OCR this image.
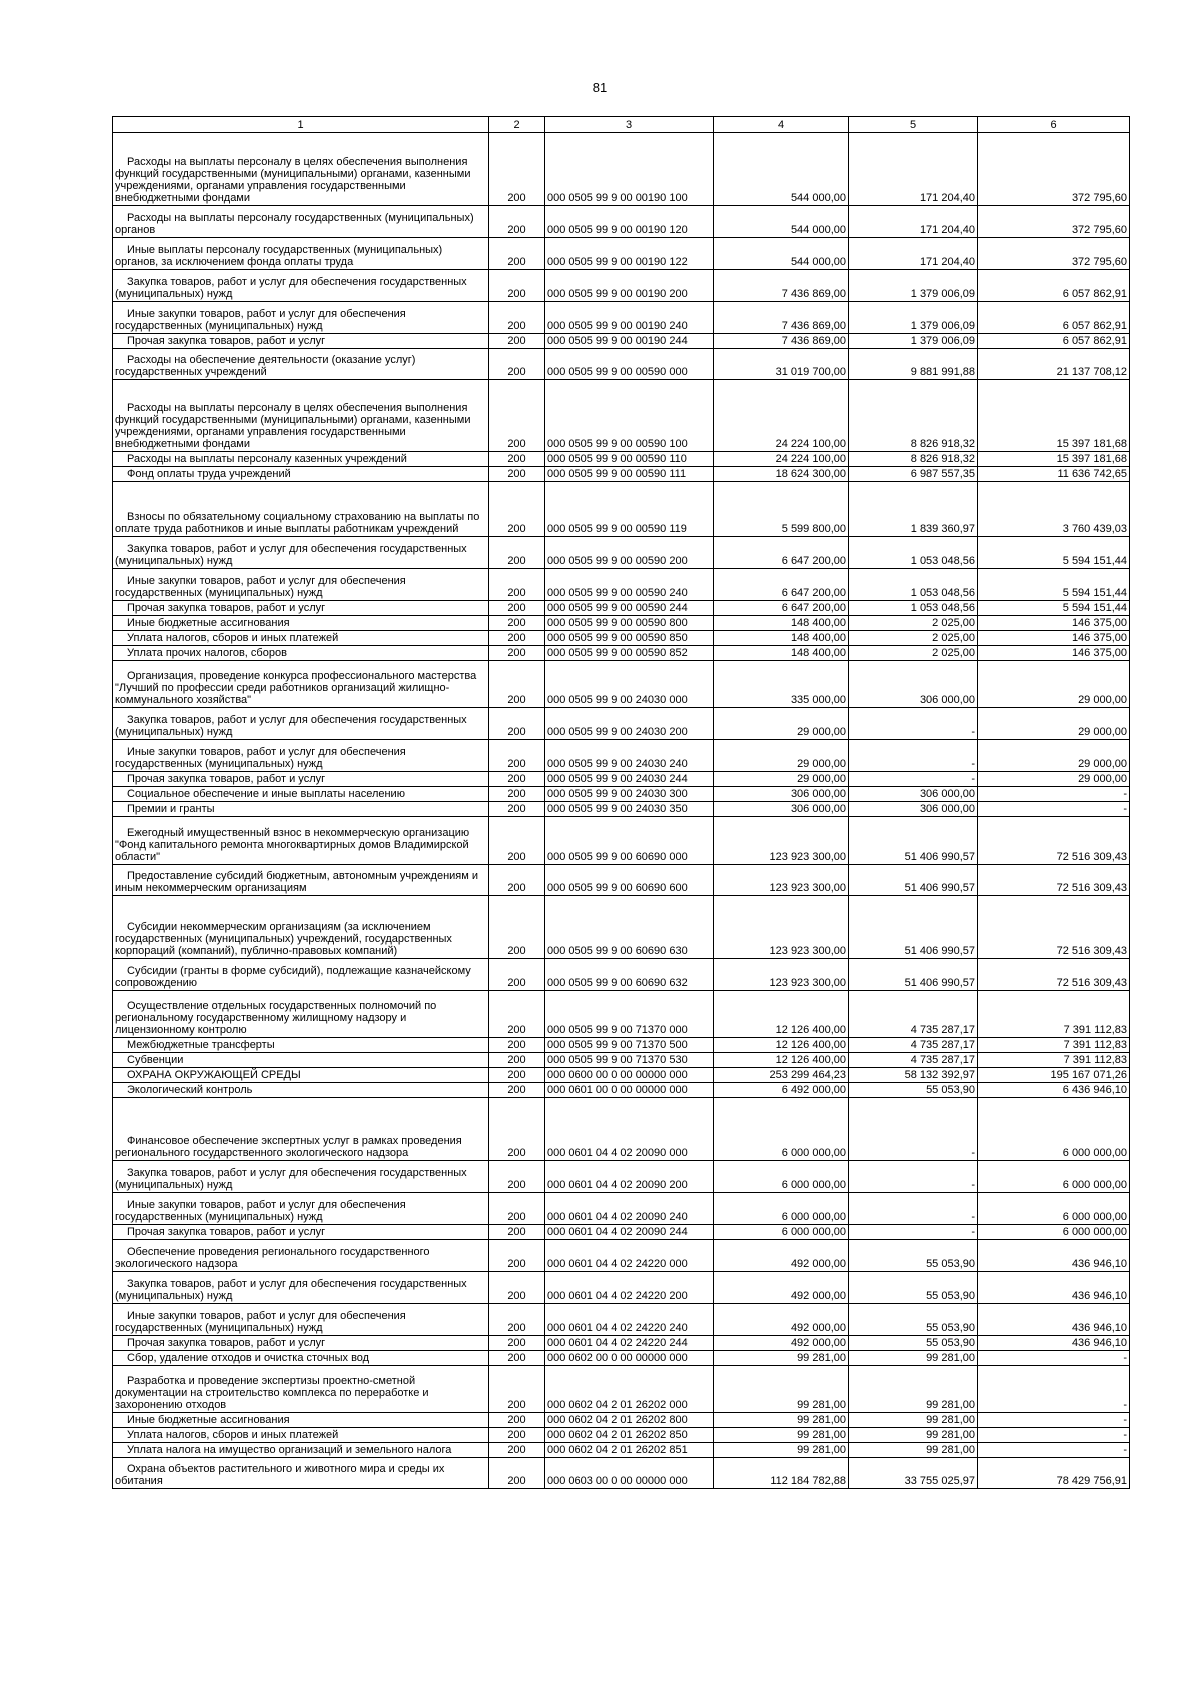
81
1	2	3	4	5	6
Расходы на выплаты персоналу в целях обеспечения выполнения функций государственными (муниципальными) органами, казенными учреждениями, органами управления государственными внебюджетными фондами	200	000 0505 99 9 00 00190 100	544 000,00	171 204,40	372 795,60
Расходы на выплаты персоналу государственных (муниципальных) органов	200	000 0505 99 9 00 00190 120	544 000,00	171 204,40	372 795,60
Иные выплаты персоналу государственных (муниципальных) органов, за исключением фонда оплаты труда	200	000 0505 99 9 00 00190 122	544 000,00	171 204,40	372 795,60
Закупка товаров, работ и услуг для обеспечения государственных (муниципальных) нужд	200	000 0505 99 9 00 00190 200	7 436 869,00	1 379 006,09	6 057 862,91
Иные закупки товаров, работ и услуг для обеспечения государственных (муниципальных) нужд	200	000 0505 99 9 00 00190 240	7 436 869,00	1 379 006,09	6 057 862,91
Прочая закупка товаров, работ и услуг	200	000 0505 99 9 00 00190 244	7 436 869,00	1 379 006,09	6 057 862,91
Расходы на обеспечение деятельности (оказание услуг) государственных учреждений	200	000 0505 99 9 00 00590 000	31 019 700,00	9 881 991,88	21 137 708,12
Расходы на выплаты персоналу в целях обеспечения выполнения функций государственными (муниципальными) органами, казенными учреждениями, органами управления государственными внебюджетными фондами	200	000 0505 99 9 00 00590 100	24 224 100,00	8 826 918,32	15 397 181,68
Расходы на выплаты персоналу казенных учреждений	200	000 0505 99 9 00 00590 110	24 224 100,00	8 826 918,32	15 397 181,68
Фонд оплаты труда учреждений	200	000 0505 99 9 00 00590 111	18 624 300,00	6 987 557,35	11 636 742,65
Взносы по обязательному социальному страхованию на выплаты по оплате труда работников и иные выплаты работникам учреждений	200	000 0505 99 9 00 00590 119	5 599 800,00	1 839 360,97	3 760 439,03
Закупка товаров, работ и услуг для обеспечения государственных (муниципальных) нужд	200	000 0505 99 9 00 00590 200	6 647 200,00	1 053 048,56	5 594 151,44
Иные закупки товаров, работ и услуг для обеспечения государственных (муниципальных) нужд	200	000 0505 99 9 00 00590 240	6 647 200,00	1 053 048,56	5 594 151,44
Прочая закупка товаров, работ и услуг	200	000 0505 99 9 00 00590 244	6 647 200,00	1 053 048,56	5 594 151,44
Иные бюджетные ассигнования	200	000 0505 99 9 00 00590 800	148 400,00	2 025,00	146 375,00
Уплата налогов, сборов и иных платежей	200	000 0505 99 9 00 00590 850	148 400,00	2 025,00	146 375,00
Уплата прочих налогов, сборов	200	000 0505 99 9 00 00590 852	148 400,00	2 025,00	146 375,00
Организация, проведение конкурса профессионального мастерства "Лучший по профессии среди работников организаций жилищно-коммунального хозяйства"	200	000 0505 99 9 00 24030 000	335 000,00	306 000,00	29 000,00
Закупка товаров, работ и услуг для обеспечения государственных (муниципальных) нужд	200	000 0505 99 9 00 24030 200	29 000,00	-	29 000,00
Иные закупки товаров, работ и услуг для обеспечения государственных (муниципальных) нужд	200	000 0505 99 9 00 24030 240	29 000,00	-	29 000,00
Прочая закупка товаров, работ и услуг	200	000 0505 99 9 00 24030 244	29 000,00	-	29 000,00
Социальное обеспечение и иные выплаты населению	200	000 0505 99 9 00 24030 300	306 000,00	306 000,00	-
Премии и гранты	200	000 0505 99 9 00 24030 350	306 000,00	306 000,00	-
Ежегодный имущественный взнос в некоммерческую организацию "Фонд капитального ремонта многоквартирных домов Владимирской области"	200	000 0505 99 9 00 60690 000	123 923 300,00	51 406 990,57	72 516 309,43
Предоставление субсидий бюджетным, автономным учреждениям и иным некоммерческим организациям	200	000 0505 99 9 00 60690 600	123 923 300,00	51 406 990,57	72 516 309,43
Субсидии некоммерческим организациям (за исключением государственных (муниципальных) учреждений, государственных корпораций (компаний), публично-правовых компаний)	200	000 0505 99 9 00 60690 630	123 923 300,00	51 406 990,57	72 516 309,43
Субсидии (гранты в форме субсидий), подлежащие казначейскому сопровождению	200	000 0505 99 9 00 60690 632	123 923 300,00	51 406 990,57	72 516 309,43
Осуществление отдельных государственных полномочий по региональному государственному жилищному надзору и лицензионному контролю	200	000 0505 99 9 00 71370 000	12 126 400,00	4 735 287,17	7 391 112,83
Межбюджетные трансферты	200	000 0505 99 9 00 71370 500	12 126 400,00	4 735 287,17	7 391 112,83
Субвенции	200	000 0505 99 9 00 71370 530	12 126 400,00	4 735 287,17	7 391 112,83
ОХРАНА ОКРУЖАЮЩЕЙ СРЕДЫ	200	000 0600 00 0 00 00000 000	253 299 464,23	58 132 392,97	195 167 071,26
Экологический контроль	200	000 0601 00 0 00 00000 000	6 492 000,00	55 053,90	6 436 946,10
Финансовое обеспечение экспертных услуг в рамках проведения регионального государственного экологического надзора	200	000 0601 04 4 02 20090 000	6 000 000,00	-	6 000 000,00
Закупка товаров, работ и услуг для обеспечения государственных (муниципальных) нужд	200	000 0601 04 4 02 20090 200	6 000 000,00	-	6 000 000,00
Иные закупки товаров, работ и услуг для обеспечения государственных (муниципальных) нужд	200	000 0601 04 4 02 20090 240	6 000 000,00	-	6 000 000,00
Прочая закупка товаров, работ и услуг	200	000 0601 04 4 02 20090 244	6 000 000,00	-	6 000 000,00
Обеспечение проведения регионального государственного экологического надзора	200	000 0601 04 4 02 24220 000	492 000,00	55 053,90	436 946,10
Закупка товаров, работ и услуг для обеспечения государственных (муниципальных) нужд	200	000 0601 04 4 02 24220 200	492 000,00	55 053,90	436 946,10
Иные закупки товаров, работ и услуг для обеспечения государственных (муниципальных) нужд	200	000 0601 04 4 02 24220 240	492 000,00	55 053,90	436 946,10
Прочая закупка товаров, работ и услуг	200	000 0601 04 4 02 24220 244	492 000,00	55 053,90	436 946,10
Сбор, удаление отходов и очистка сточных вод	200	000 0602 00 0 00 00000 000	99 281,00	99 281,00	-
Разработка и проведение экспертизы проектно-сметной документации на строительство комплекса по переработке и захоронению отходов	200	000 0602 04 2 01 26202 000	99 281,00	99 281,00	-
Иные бюджетные ассигнования	200	000 0602 04 2 01 26202 800	99 281,00	99 281,00	-
Уплата налогов, сборов и иных платежей	200	000 0602 04 2 01 26202 850	99 281,00	99 281,00	-
Уплата налога на имущество организаций и земельного налога	200	000 0602 04 2 01 26202 851	99 281,00	99 281,00	-
Охрана объектов растительного и животного мира и среды их обитания	200	000 0603 00 0 00 00000 000	112 184 782,88	33 755 025,97	78 429 756,91
